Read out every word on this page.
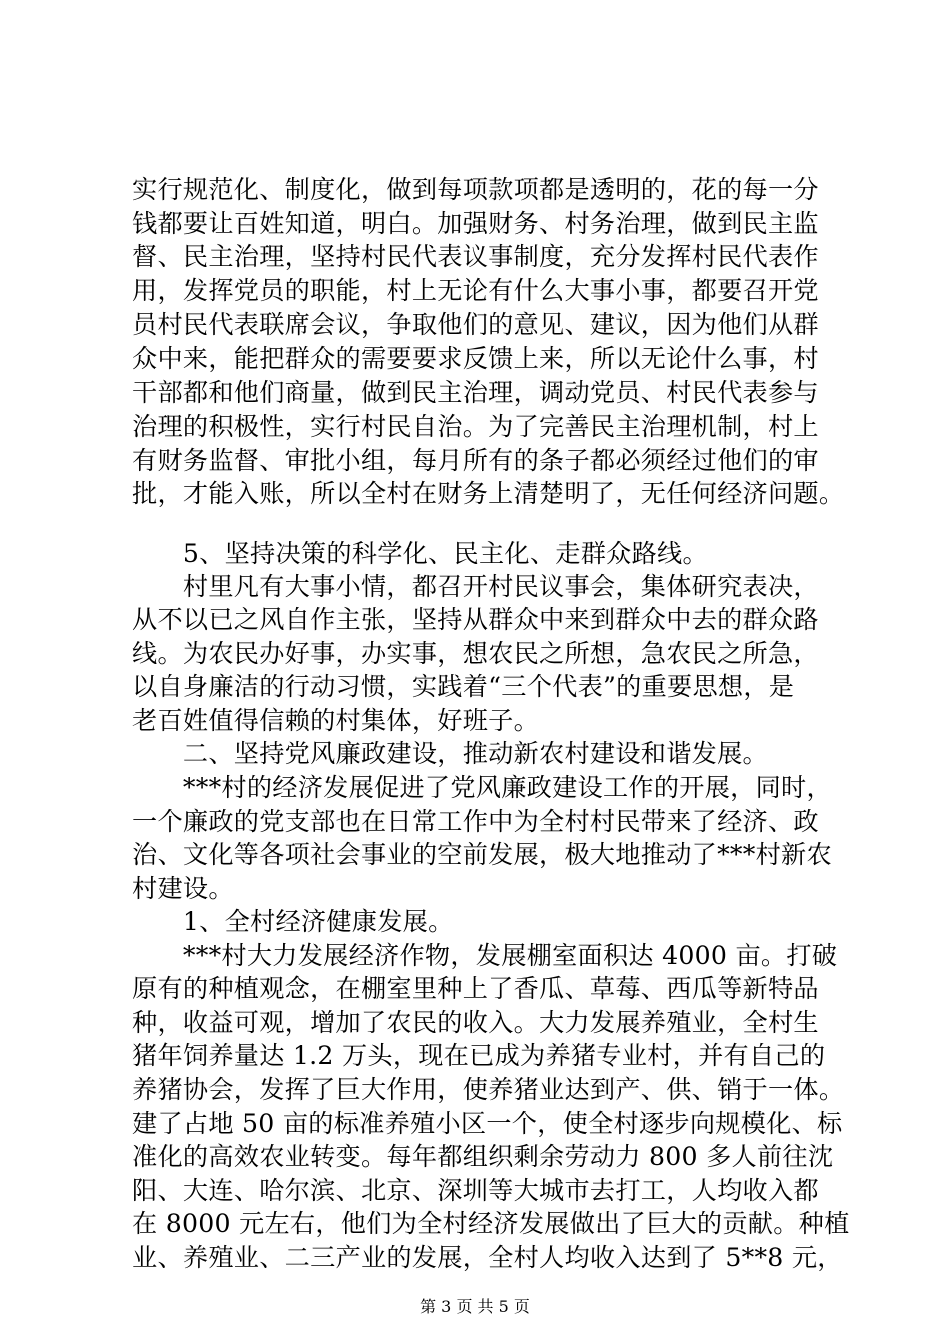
实行规范化、制度化，做到每项款项都是透明的，花的每一分
钱都要让百姓知道，明白。加强财务、村务治理，做到民主监
督、民主治理，坚持村民代表议事制度，充分发挥村民代表作
用，发挥党员的职能，村上无论有什么大事小事，都要召开党
员村民代表联席会议，争取他们的意见、建议，因为他们从群
众中来，能把群众的需要要求反馈上来，所以无论什么事，村
干部都和他们商量，做到民主治理，调动党员、村民代表参与
治理的积极性，实行村民自治。为了完善民主治理机制，村上
有财务监督、审批小组，每月所有的条子都必须经过他们的审
批，才能入账，所以全村在财务上清楚明了，无任何经济问题。
　　5、坚持决策的科学化、民主化、走群众路线。
　　村里凡有大事小情，都召开村民议事会，集体研究表决，
从不以已之风自作主张，坚持从群众中来到群众中去的群众路
线。为农民办好事，办实事，想农民之所想，急农民之所急，
以自身廉洁的行动习惯，实践着“三个代表”的重要思想，是
老百姓值得信赖的村集体，好班子。
　　二、坚持党风廉政建设，推动新农村建设和谐发展。
　　***村的经济发展促进了党风廉政建设工作的开展，同时，
一个廉政的党支部也在日常工作中为全村村民带来了经济、政
治、文化等各项社会事业的空前发展，极大地推动了***村新农
村建设。
　　1、全村经济健康发展。
　　***村大力发展经济作物，发展棚室面积达 4000 亩。打破
原有的种植观念，在棚室里种上了香瓜、草莓、西瓜等新特品
种，收益可观，增加了农民的收入。大力发展养殖业，全村生
猪年饲养量达 1.2 万头，现在已成为养猪专业村，并有自己的
养猪协会，发挥了巨大作用，使养猪业达到产、供、销于一体。
建了占地 50 亩的标准养殖小区一个，使全村逐步向规模化、标
准化的高效农业转变。每年都组织剩余劳动力 800 多人前往沈
阳、大连、哈尔滨、北京、深圳等大城市去打工，人均收入都
在 8000 元左右，他们为全村经济发展做出了巨大的贡献。种植
业、养殖业、二三产业的发展，全村人均收入达到了 5**8 元，
第 3 页 共 5 页
